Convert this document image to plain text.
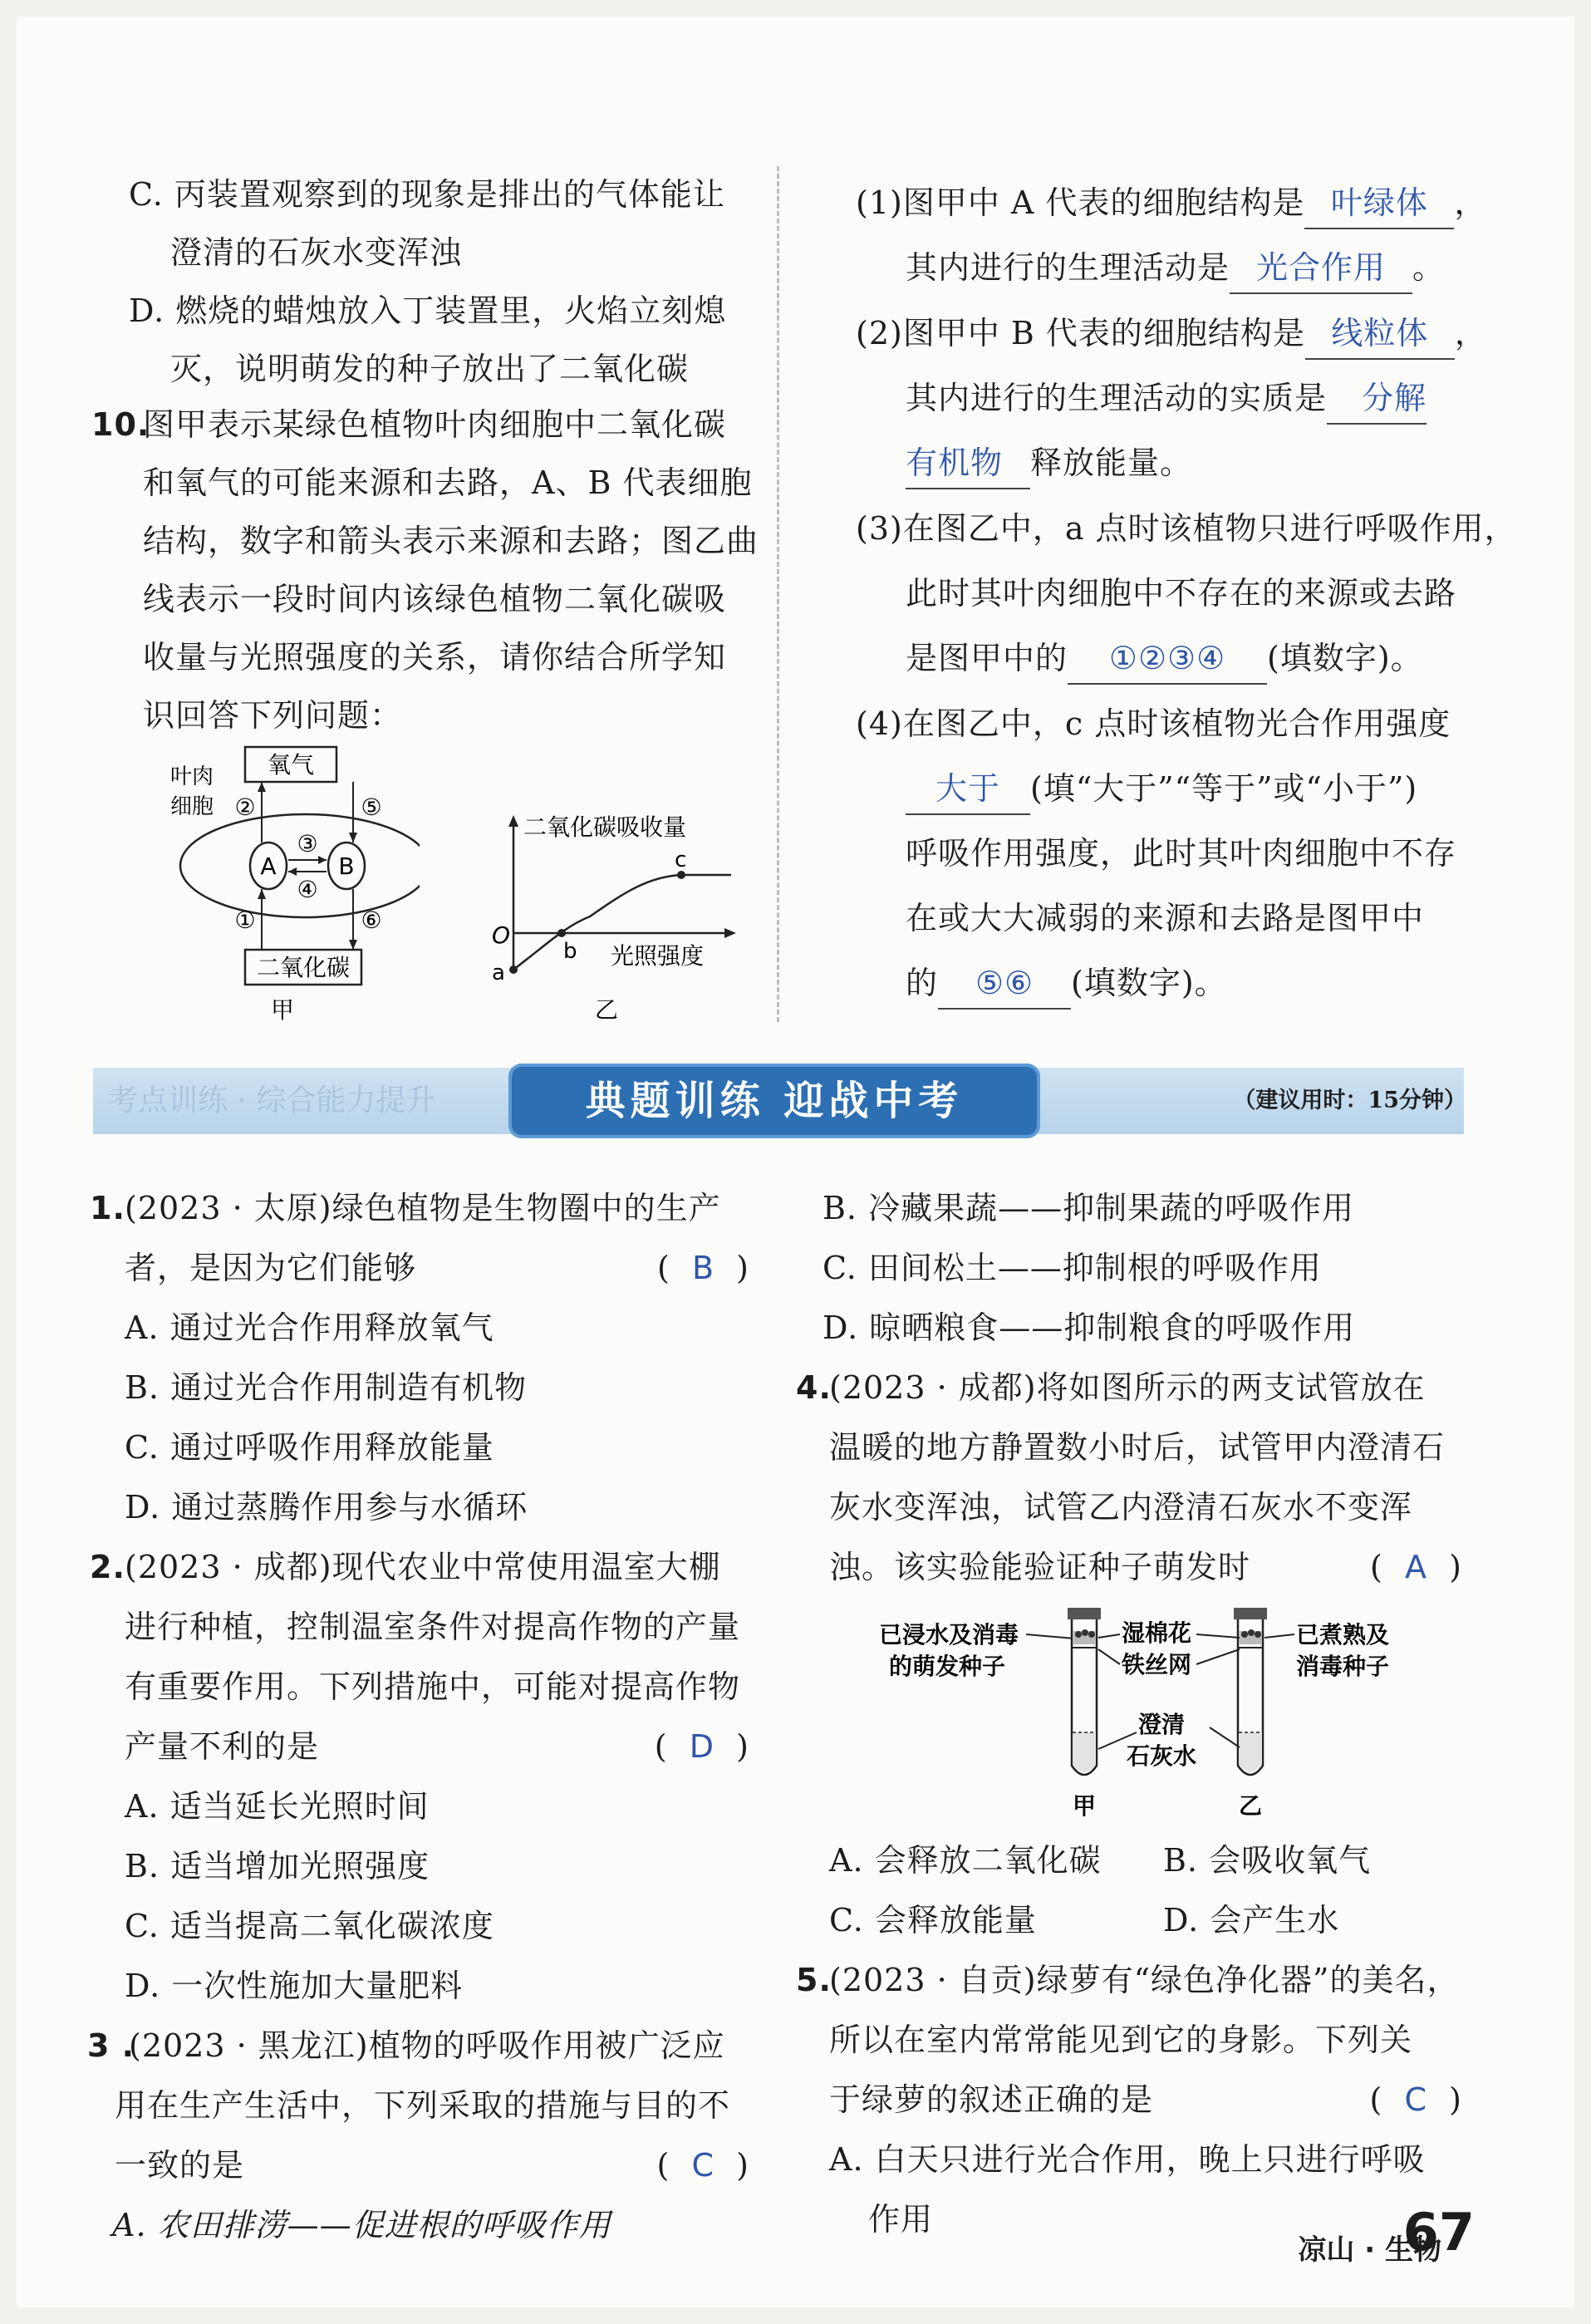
C. 丙装置观察到的现象是排出的气体能让
澄清的石灰水变浑浊
D. 燃烧的蜡烛放入丁装置里，火焰立刻熄
灭，说明萌发的种子放出了二氧化碳
10.
图甲表示某绿色植物叶肉细胞中二氧化碳
和氧气的可能来源和去路，A、B 代表细胞
结构，数字和箭头表示来源和去路；图乙曲
线表示一段时间内该绿色植物二氧化碳吸
收量与光照强度的关系，请你结合所学知
识回答下列问题：
氧气
二氧化碳
叶肉
细胞
A	B
②	⑤
③
④
①	⑥
甲
二氧化碳吸收量
光照强度
O
a
b
c
乙
(1)图甲中 A 代表的细胞结构是 叶绿体 ，
其内进行的生理活动是 光合作用 。
(2)图甲中 B 代表的细胞结构是 线粒体 ，
其内进行的生理活动的实质是 分解
有机物 释放能量。
(3)在图乙中，a 点时该植物只进行呼吸作用，
此时其叶肉细胞中不存在的来源或去路
是图甲中的 ①②③④ (填数字)。
(4)在图乙中，c 点时该植物光合作用强度
大于 (填“大于”“等于”或“小于”)
呼吸作用强度，此时其叶肉细胞中不存
在或大大减弱的来源和去路是图甲中
的 ⑤⑥ (填数字)。
考点训练 · 综合能力提升	典题训练 迎战中考	（建议用时：15分钟）
1. (2023 · 太原)绿色植物是生物圈中的生产
者，是因为它们能够	(  B  )
A. 通过光合作用释放氧气
B. 通过光合作用制造有机物
C. 通过呼吸作用释放能量
D. 通过蒸腾作用参与水循环
2. (2023 · 成都)现代农业中常使用温室大棚
进行种植，控制温室条件对提高作物的产量
有重要作用。下列措施中，可能对提高作物
产量不利的是	(  D  )
A. 适当延长光照时间
B. 适当增加光照强度
C. 适当提高二氧化碳浓度
D. 一次性施加大量肥料
3 .
(2023 · 黑龙江)植物的呼吸作用被广泛应
用在生产生活中，下列采取的措施与目的不
一致的是	(  C  )
A. 农田排涝——促进根的呼吸作用
B. 冷藏果蔬——抑制果蔬的呼吸作用
C. 田间松土——抑制根的呼吸作用
D. 晾晒粮食——抑制粮食的呼吸作用
4.
(2023 · 成都)将如图所示的两支试管放在
温暖的地方静置数小时后，试管甲内澄清石
灰水变浑浊，试管乙内澄清石灰水不变浑
浊。该实验能验证种子萌发时	(  A  )
已浸水及消毒
的萌发种子
湿棉花
铁丝网
澄清
石灰水
已煮熟及
消毒种子
甲	乙
A. 会释放二氧化碳 B. 会吸收氧气
C. 会释放能量	D. 会产生水
5.
(2023 · 自贡)绿萝有“绿色净化器”的美名，
所以在室内常常能见到它的身影。下列关
于绿萝的叙述正确的是	(  C  )
A. 白天只进行光合作用，晚上只进行呼吸
作用
凉山 · 生物
67
